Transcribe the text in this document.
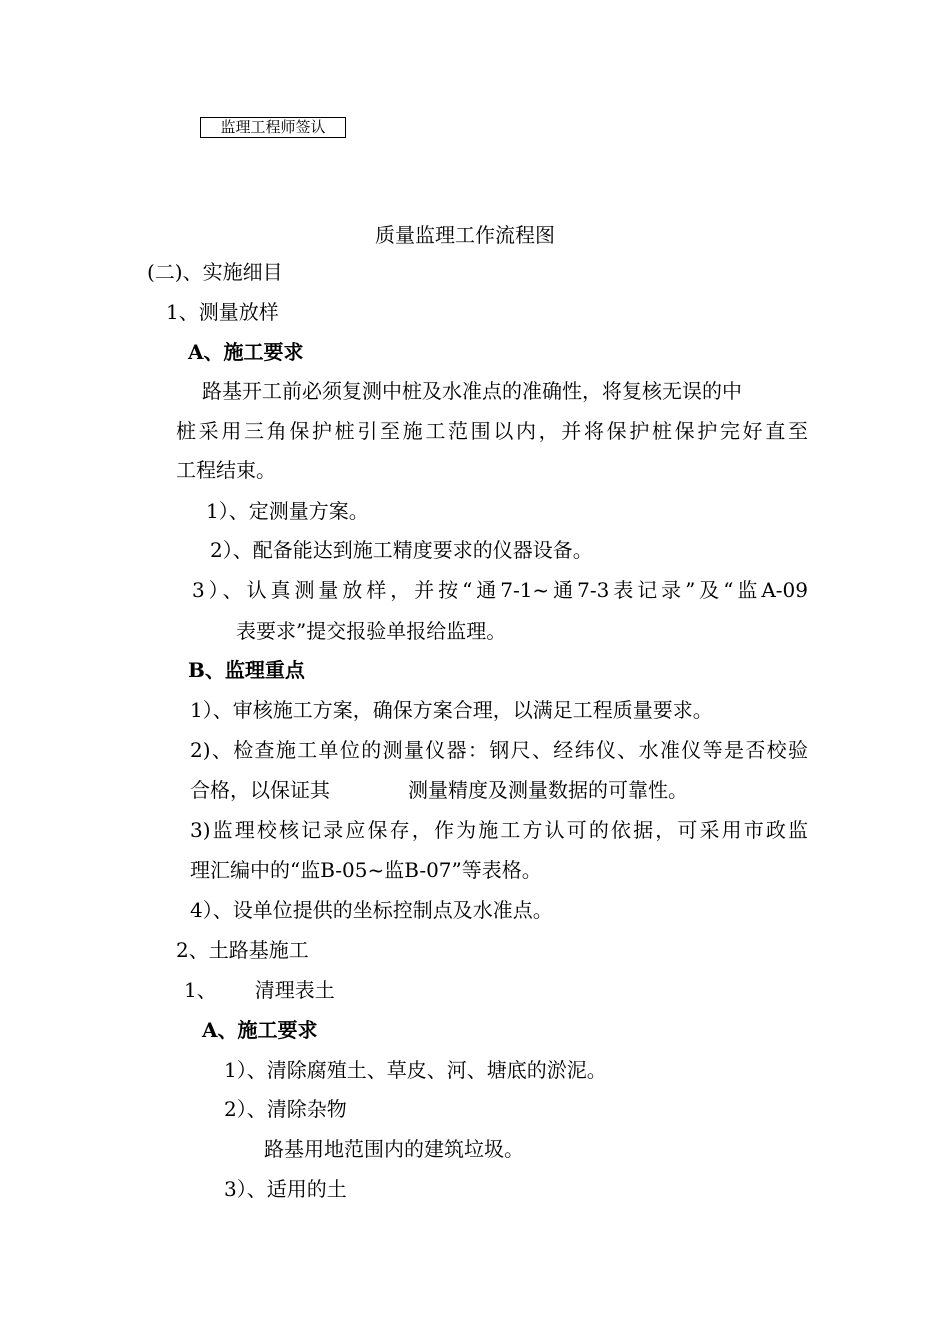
监理工程师签认
质量监理工作流程图
(二)、实施细目
1、测量放样
A、施工要求
路基开工前必须复测中桩及水准点的准确性，将复核无误的中
桩采用三角保护桩引至施工范围以内，并将保护桩保护完好直至
工程结束。
1）、定测量方案。
2）、配备能达到施工精度要求的仪器设备。
3）、认真测量放样，并按“通7-1~通7-3表记录”及“监A-09
表要求”提交报验单报给监理。
B、监理重点
1）、审核施工方案，确保方案合理，以满足工程质量要求。
2)、检查施工单位的测量仪器：钢尺、经纬仪、水准仪等是否校验
合格，以保证其	测量精度及测量数据的可靠性。
3)监理校核记录应保存，作为施工方认可的依据，可采用市政监
理汇编中的“监B-05~监B-07”等表格。
4）、设单位提供的坐标控制点及水准点。
2、土路基施工
1、 清理表土
A、施工要求
1）、清除腐殖土、草皮、河、塘底的淤泥。
2）、清除杂物
路基用地范围内的建筑垃圾。
3）、适用的土
